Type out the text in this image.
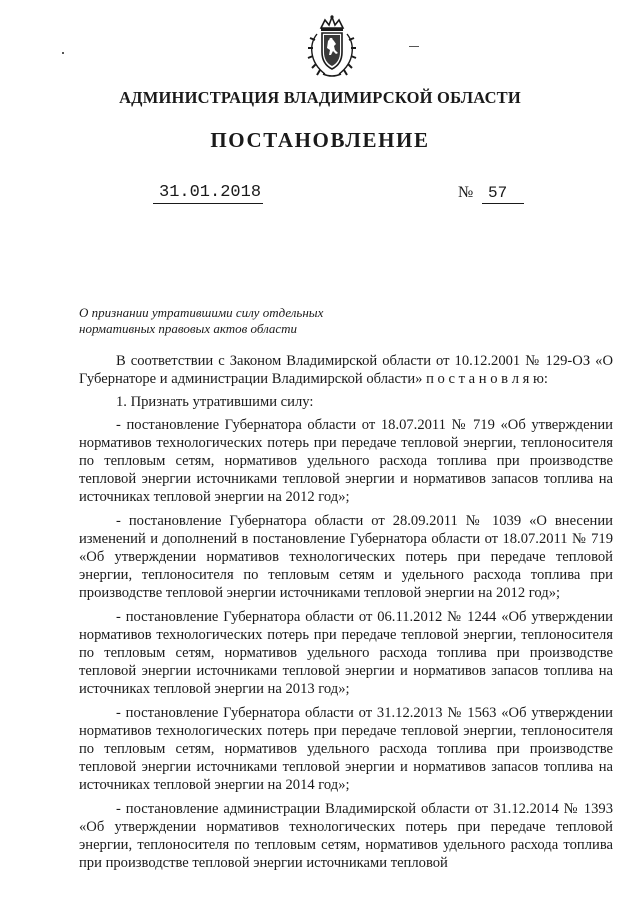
АДМИНИСТРАЦИЯ ВЛАДИМИРСКОЙ ОБЛАСТИ
ПОСТАНОВЛЕНИЕ
31.01.2018	№ 57
О признании утратившими силу отдельных
нормативных правовых актов области

В соответствии с Законом Владимирской области от 10.12.2001 № 129-ОЗ «О Губернаторе и администрации Владимирской области» п о с т а н о в л я ю:

1. Признать утратившими силу:

- постановление Губернатора области от 18.07.2011 № 719 «Об утверждении нормативов технологических потерь при передаче тепловой энергии, теплоносителя по тепловым сетям, нормативов удельного расхода топлива при производстве тепловой энергии источниками тепловой энергии и нормативов запасов топлива на источниках тепловой энергии на 2012 год»;

- постановление Губернатора области от 28.09.2011 № 1039 «О внесении изменений и дополнений в постановление Губернатора области от 18.07.2011 № 719 «Об утверждении нормативов технологических потерь при передаче тепловой энергии, теплоносителя по тепловым сетям и удельного расхода топлива при производстве тепловой энергии источниками тепловой энергии на 2012 год»;

- постановление Губернатора области от 06.11.2012 № 1244 «Об утверждении нормативов технологических потерь при передаче тепловой энергии, теплоносителя по тепловым сетям, нормативов удельного расхода топлива при производстве тепловой энергии источниками тепловой энергии и нормативов запасов топлива на источниках тепловой энергии на 2013 год»;

- постановление Губернатора области от 31.12.2013 № 1563 «Об утверждении нормативов технологических потерь при передаче тепловой энергии, теплоносителя по тепловым сетям, нормативов удельного расхода топлива при производстве тепловой энергии источниками тепловой энергии и нормативов запасов топлива на источниках тепловой энергии на 2014 год»;

- постановление администрации Владимирской области от 31.12.2014 № 1393 «Об утверждении нормативов технологических потерь при передаче тепловой энергии, теплоносителя по тепловым сетям, нормативов удельного расхода топлива при производстве тепловой энергии источниками тепловой
